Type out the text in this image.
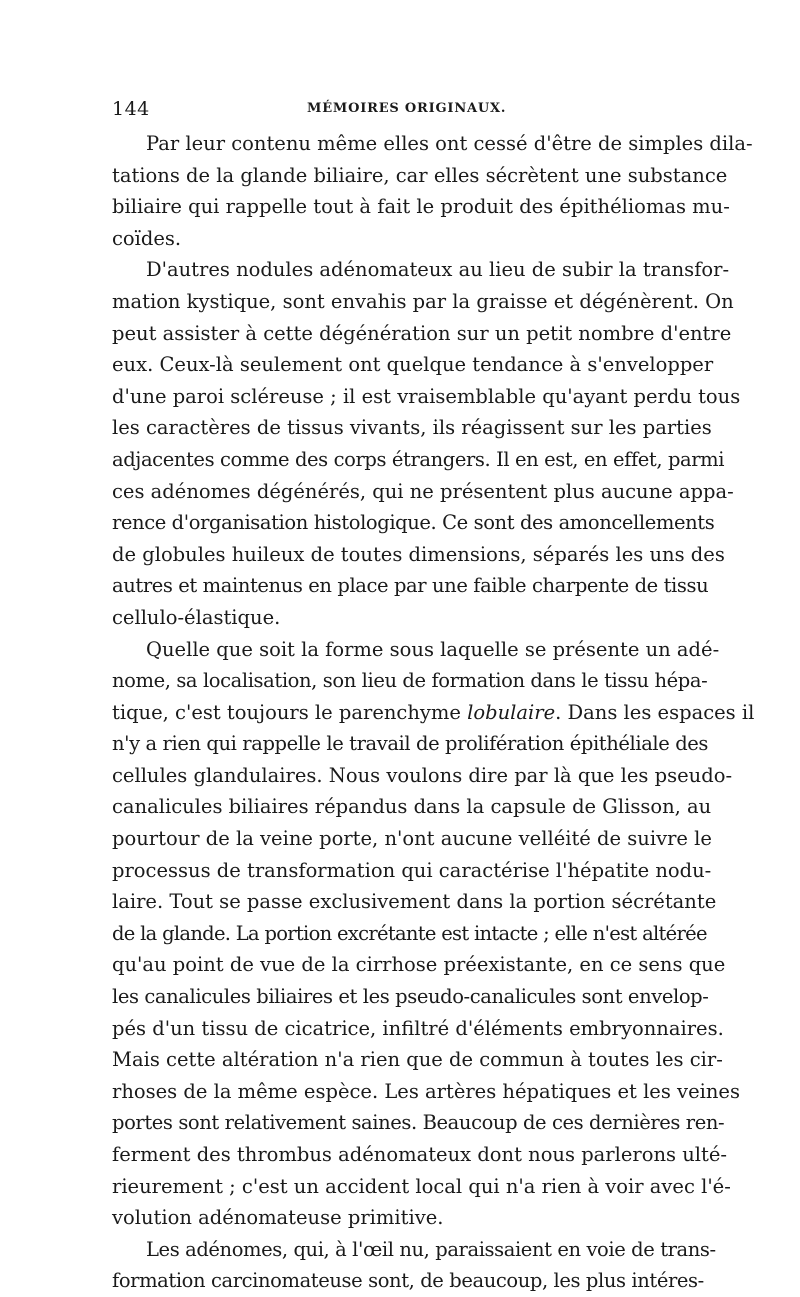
144	MÉMOIRES ORIGINAUX.

Par leur contenu même elles ont cessé d'être de simples dila-
tations de la glande biliaire, car elles sécrètent une substance
biliaire qui rappelle tout à fait le produit des épithéliomas mu-
coïdes.

D'autres nodules adénomateux au lieu de subir la transfor-
mation kystique, sont envahis par la graisse et dégénèrent. On
peut assister à cette dégénération sur un petit nombre d'entre
eux. Ceux-là seulement ont quelque tendance à s'envelopper
d'une paroi scléreuse ; il est vraisemblable qu'ayant perdu tous
les caractères de tissus vivants, ils réagissent sur les parties
adjacentes comme des corps étrangers. Il en est, en effet, parmi
ces adénomes dégénérés, qui ne présentent plus aucune appa-
rence d'organisation histologique. Ce sont des amoncellements
de globules huileux de toutes dimensions, séparés les uns des
autres et maintenus en place par une faible charpente de tissu
cellulo-élastique.

Quelle que soit la forme sous laquelle se présente un adé-
nome, sa localisation, son lieu de formation dans le tissu hépa-
tique, c'est toujours le parenchyme lobulaire. Dans les espaces il
n'y a rien qui rappelle le travail de prolifération épithéliale des
cellules glandulaires. Nous voulons dire par là que les pseudo-
canalicules biliaires répandus dans la capsule de Glisson, au
pourtour de la veine porte, n'ont aucune velléité de suivre le
processus de transformation qui caractérise l'hépatite nodu-
laire. Tout se passe exclusivement dans la portion sécrétante
de la glande. La portion excrétante est intacte ; elle n'est altérée
qu'au point de vue de la cirrhose préexistante, en ce sens que
les canalicules biliaires et les pseudo-canalicules sont envelop-
pés d'un tissu de cicatrice, infiltré d'éléments embryonnaires.
Mais cette altération n'a rien que de commun à toutes les cir-
rhoses de la même espèce. Les artères hépatiques et les veines
portes sont relativement saines. Beaucoup de ces dernières ren-
ferment des thrombus adénomateux dont nous parlerons ulté-
rieurement ; c'est un accident local qui n'a rien à voir avec l'é-
volution adénomateuse primitive.

Les adénomes, qui, à l'œil nu, paraissaient en voie de trans-
formation carcinomateuse sont, de beaucoup, les plus intéres-
